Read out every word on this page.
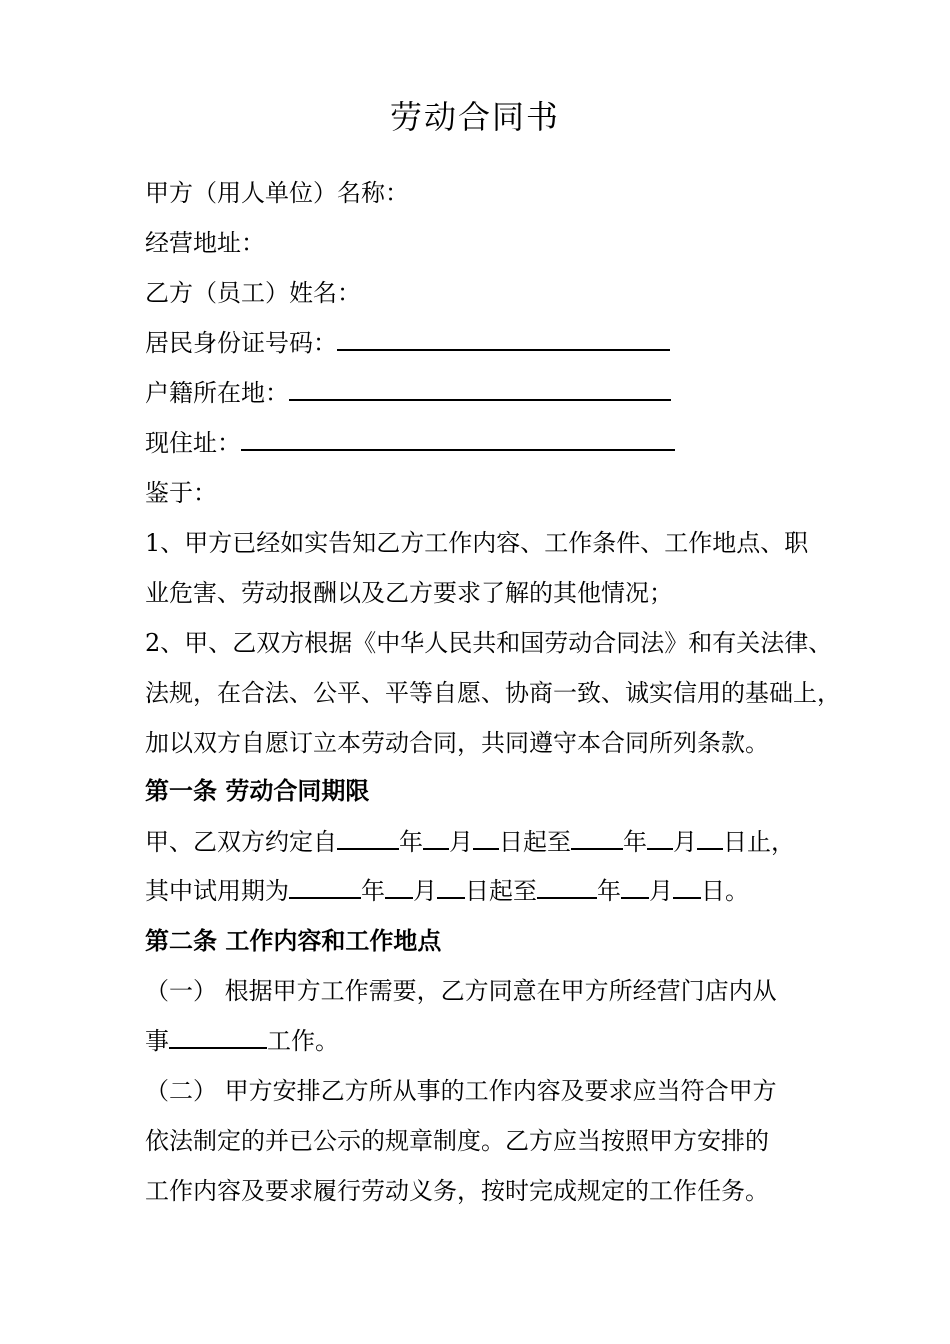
劳动合同书
甲方（用人单位）名称：
经营地址：
乙方（员工）姓名：
居民身份证号码：
户籍所在地：
现住址：
鉴于：
1、甲方已经如实告知乙方工作内容、工作条件、工作地点、职
业危害、劳动报酬以及乙方要求了解的其他情况；
2、甲、乙双方根据《中华人民共和国劳动合同法》和有关法律、
法规，在合法、公平、平等自愿、协商一致、诚实信用的基础上，
加以双方自愿订立本劳动合同，共同遵守本合同所列条款。
第一条 劳动合同期限
甲、乙双方约定自	年 月 日起至 年 月 日止，
其中试用期为	年 月 日起至	年 月 日。
第二条 工作内容和工作地点
（一） 根据甲方工作需要，乙方同意在甲方所经营门店内从
事	工作。
（二） 甲方安排乙方所从事的工作内容及要求应当符合甲方
依法制定的并已公示的规章制度。乙方应当按照甲方安排的
工作内容及要求履行劳动义务，按时完成规定的工作任务。
